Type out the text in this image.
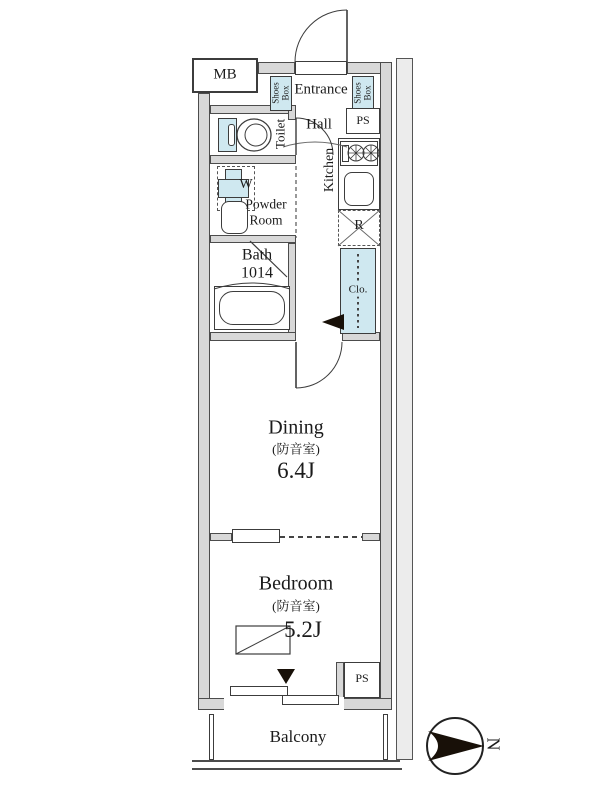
MB
Entrance
Shoes Box	Shoes Box
PS
Toilet Hall
Kitchen
W
Powder
Room
Bath
1014
R
Clo.
Dining
(防音室)
6.4J
Bedroom
(防音室)
5.2J
PS
Balcony	N
